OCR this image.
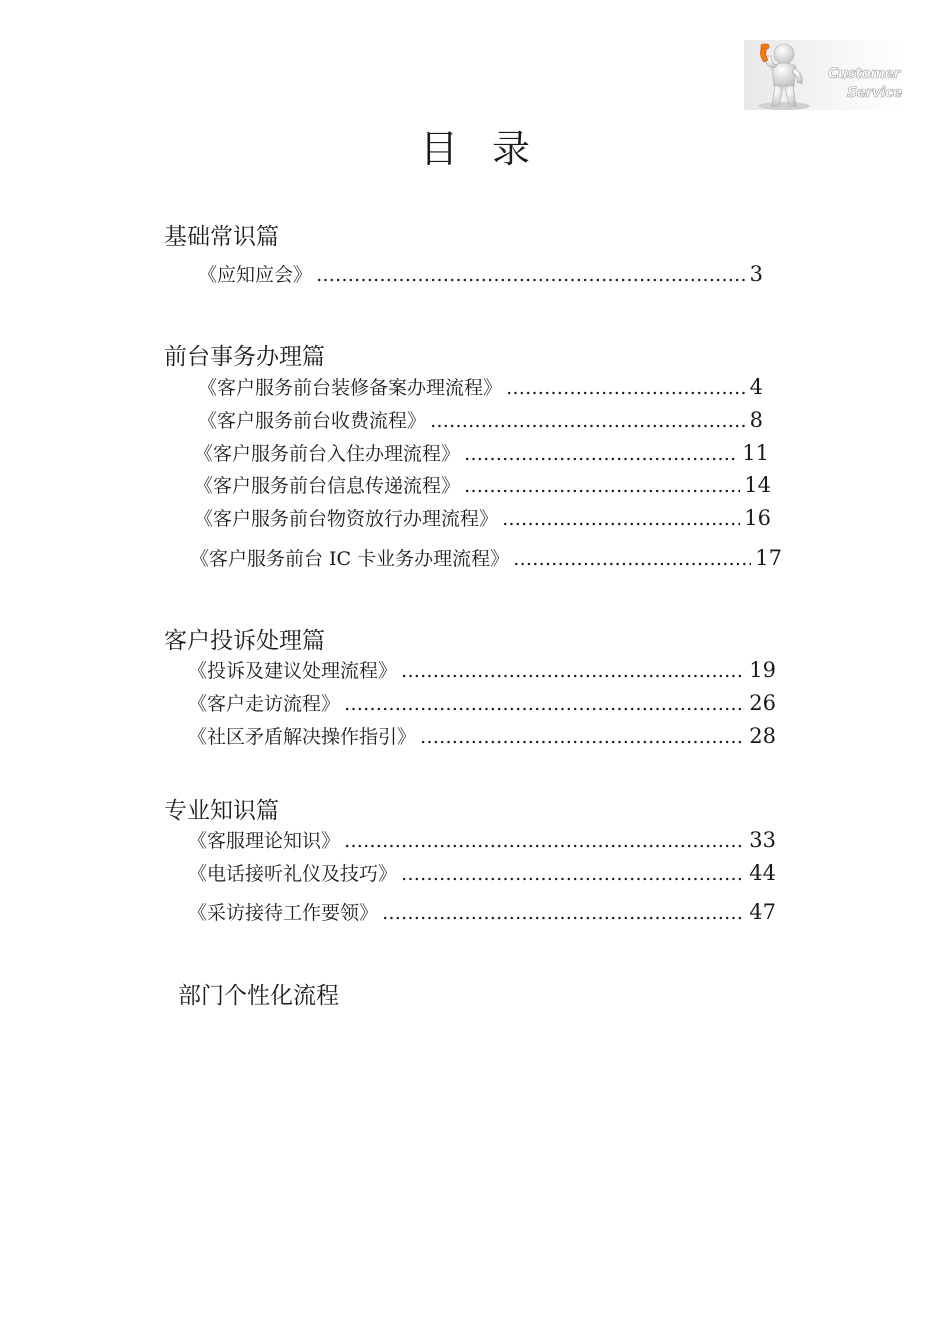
Customer
Service
目录
基础常识篇
《应知应会》 ………………………………………………………………………………………………………………………………	3
前台事务办理篇
《客户服务前台装修备案办理流程》 ………………………………………………………………………………………………………………………………	4
《客户服务前台收费流程》 ………………………………………………………………………………………………………………………………	8
《客户服务前台入住办理流程》 ………………………………………………………………………………………………………………………………	11
《客户服务前台信息传递流程》 ………………………………………………………………………………………………………………………………	14
《客户服务前台物资放行办理流程》 ………………………………………………………………………………………………………………………………	16
《客户服务前台 IC 卡业务办理流程》 ………………………………………………………………………………………………………………………………	17
客户投诉处理篇
《投诉及建议处理流程》 ………………………………………………………………………………………………………………………………	19
《客户走访流程》 ………………………………………………………………………………………………………………………………	26
《社区矛盾解决操作指引》 ………………………………………………………………………………………………………………………………	28
专业知识篇
《客服理论知识》 ………………………………………………………………………………………………………………………………	33
《电话接听礼仪及技巧》 ………………………………………………………………………………………………………………………………	44
《采访接待工作要领》 ………………………………………………………………………………………………………………………………	47
部门个性化流程
